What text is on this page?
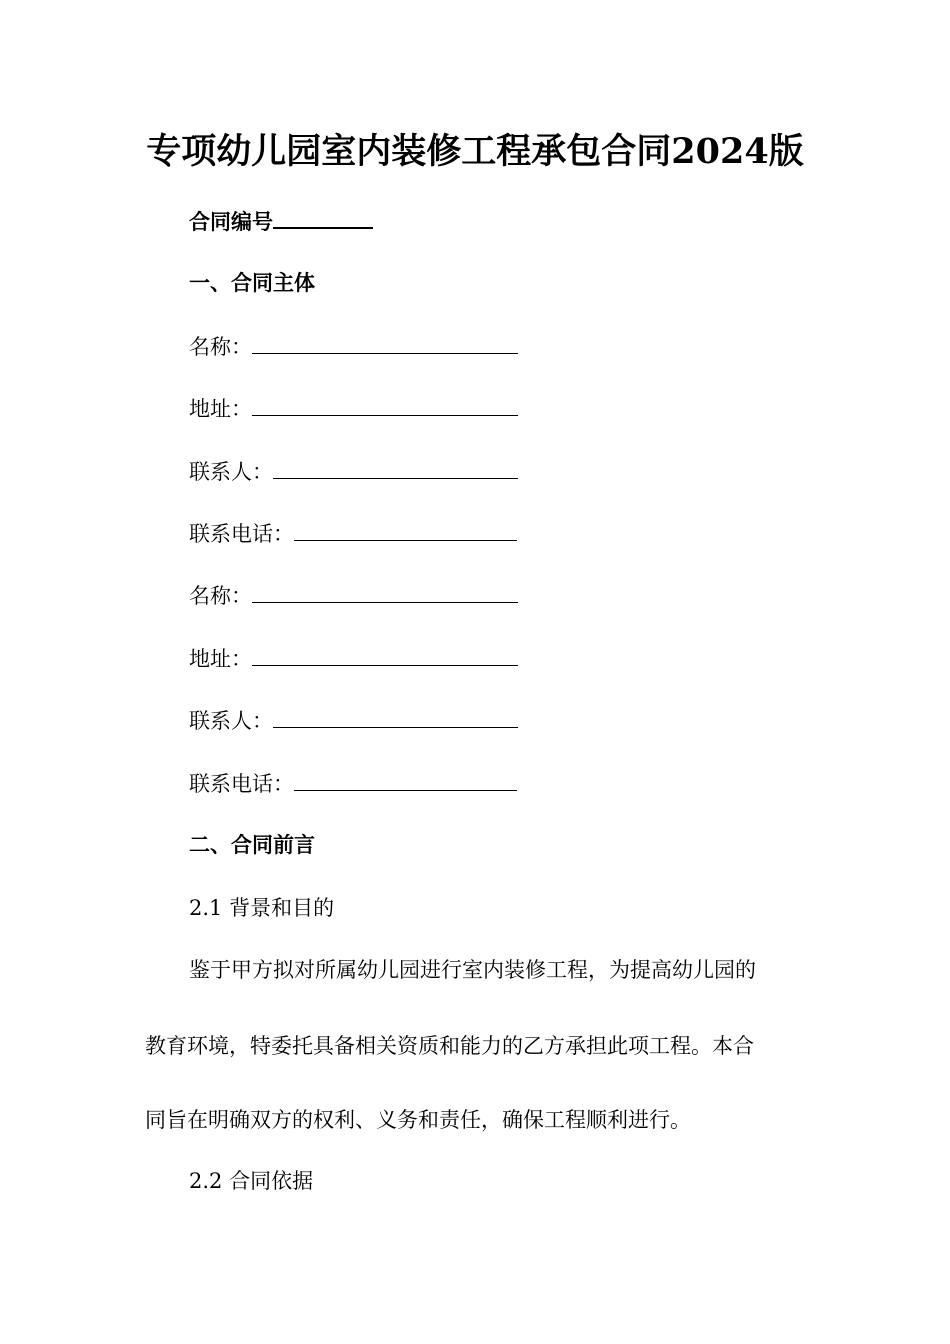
专项幼儿园室内装修工程承包合同2024版
合同编号
一、合同主体
名称：
地址：
联系人：
联系电话：
名称：
地址：
联系人：
联系电话：
二、合同前言
2.1 背景和目的
鉴于甲方拟对所属幼儿园进行室内装修工程，为提高幼儿园的
教育环境，特委托具备相关资质和能力的乙方承担此项工程。本合
同旨在明确双方的权利、义务和责任，确保工程顺利进行。
2.2 合同依据
